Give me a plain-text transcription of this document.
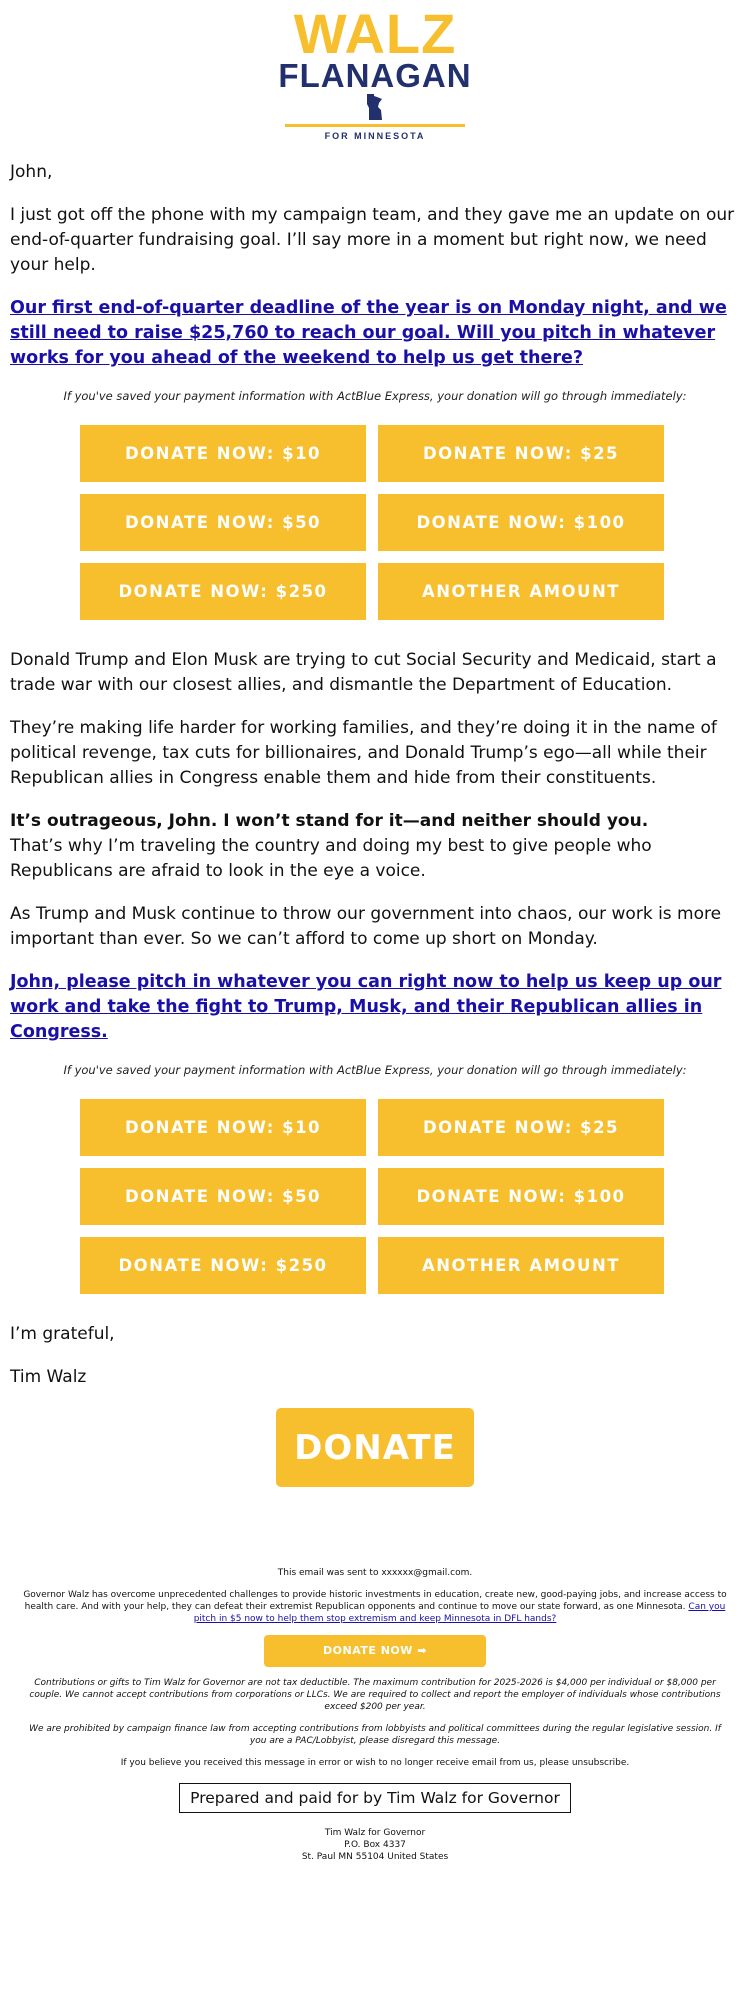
WALZ
FLANAGAN
FOR MINNESOTA

John,

I just got off the phone with my campaign team, and they gave me an update on our end-of-quarter fundraising goal. I’ll say more in a moment but right now, we need your help.

Our first end-of-quarter deadline of the year is on Monday night, and we still need to raise $25,760 to reach our goal. Will you pitch in whatever works for you ahead of the weekend to help us get there?

If you've saved your payment information with ActBlue Express, your donation will go through immediately:

DONATE NOW: $10	DONATE NOW: $25
DONATE NOW: $50	DONATE NOW: $100
DONATE NOW: $250	ANOTHER AMOUNT

Donald Trump and Elon Musk are trying to cut Social Security and Medicaid, start a trade war with our closest allies, and dismantle the Department of Education.

They’re making life harder for working families, and they’re doing it in the name of political revenge, tax cuts for billionaires, and Donald Trump’s ego—all while their Republican allies in Congress enable them and hide from their constituents.

It’s outrageous, John. I won’t stand for it—and neither should you.
That’s why I’m traveling the country and doing my best to give people who Republicans are afraid to look in the eye a voice.

As Trump and Musk continue to throw our government into chaos, our work is more important than ever. So we can’t afford to come up short on Monday.

John, please pitch in whatever you can right now to help us keep up our work and take the fight to Trump, Musk, and their Republican allies in Congress.

If you've saved your payment information with ActBlue Express, your donation will go through immediately:

DONATE NOW: $10	DONATE NOW: $25
DONATE NOW: $50	DONATE NOW: $100
DONATE NOW: $250	ANOTHER AMOUNT

I’m grateful,

Tim Walz

DONATE

This email was sent to xxxxxx@gmail.com.

Governor Walz has overcome unprecedented challenges to provide historic investments in education, create new, good-paying jobs, and increase access to health care. And with your help, they can defeat their extremist Republican opponents and continue to move our state forward, as one Minnesota. Can you pitch in $5 now to help them stop extremism and keep Minnesota in DFL hands?

DONATE NOW ➡

Contributions or gifts to Tim Walz for Governor are not tax deductible. The maximum contribution for 2025-2026 is $4,000 per individual or $8,000 per couple. We cannot accept contributions from corporations or LLCs. We are required to collect and report the employer of individuals whose contributions exceed $200 per year.

We are prohibited by campaign finance law from accepting contributions from lobbyists and political committees during the regular legislative session. If you are a PAC/Lobbyist, please disregard this message.

If you believe you received this message in error or wish to no longer receive email from us, please unsubscribe.

Prepared and paid for by Tim Walz for Governor
Tim Walz for Governor
P.O. Box 4337
St. Paul MN 55104 United States
